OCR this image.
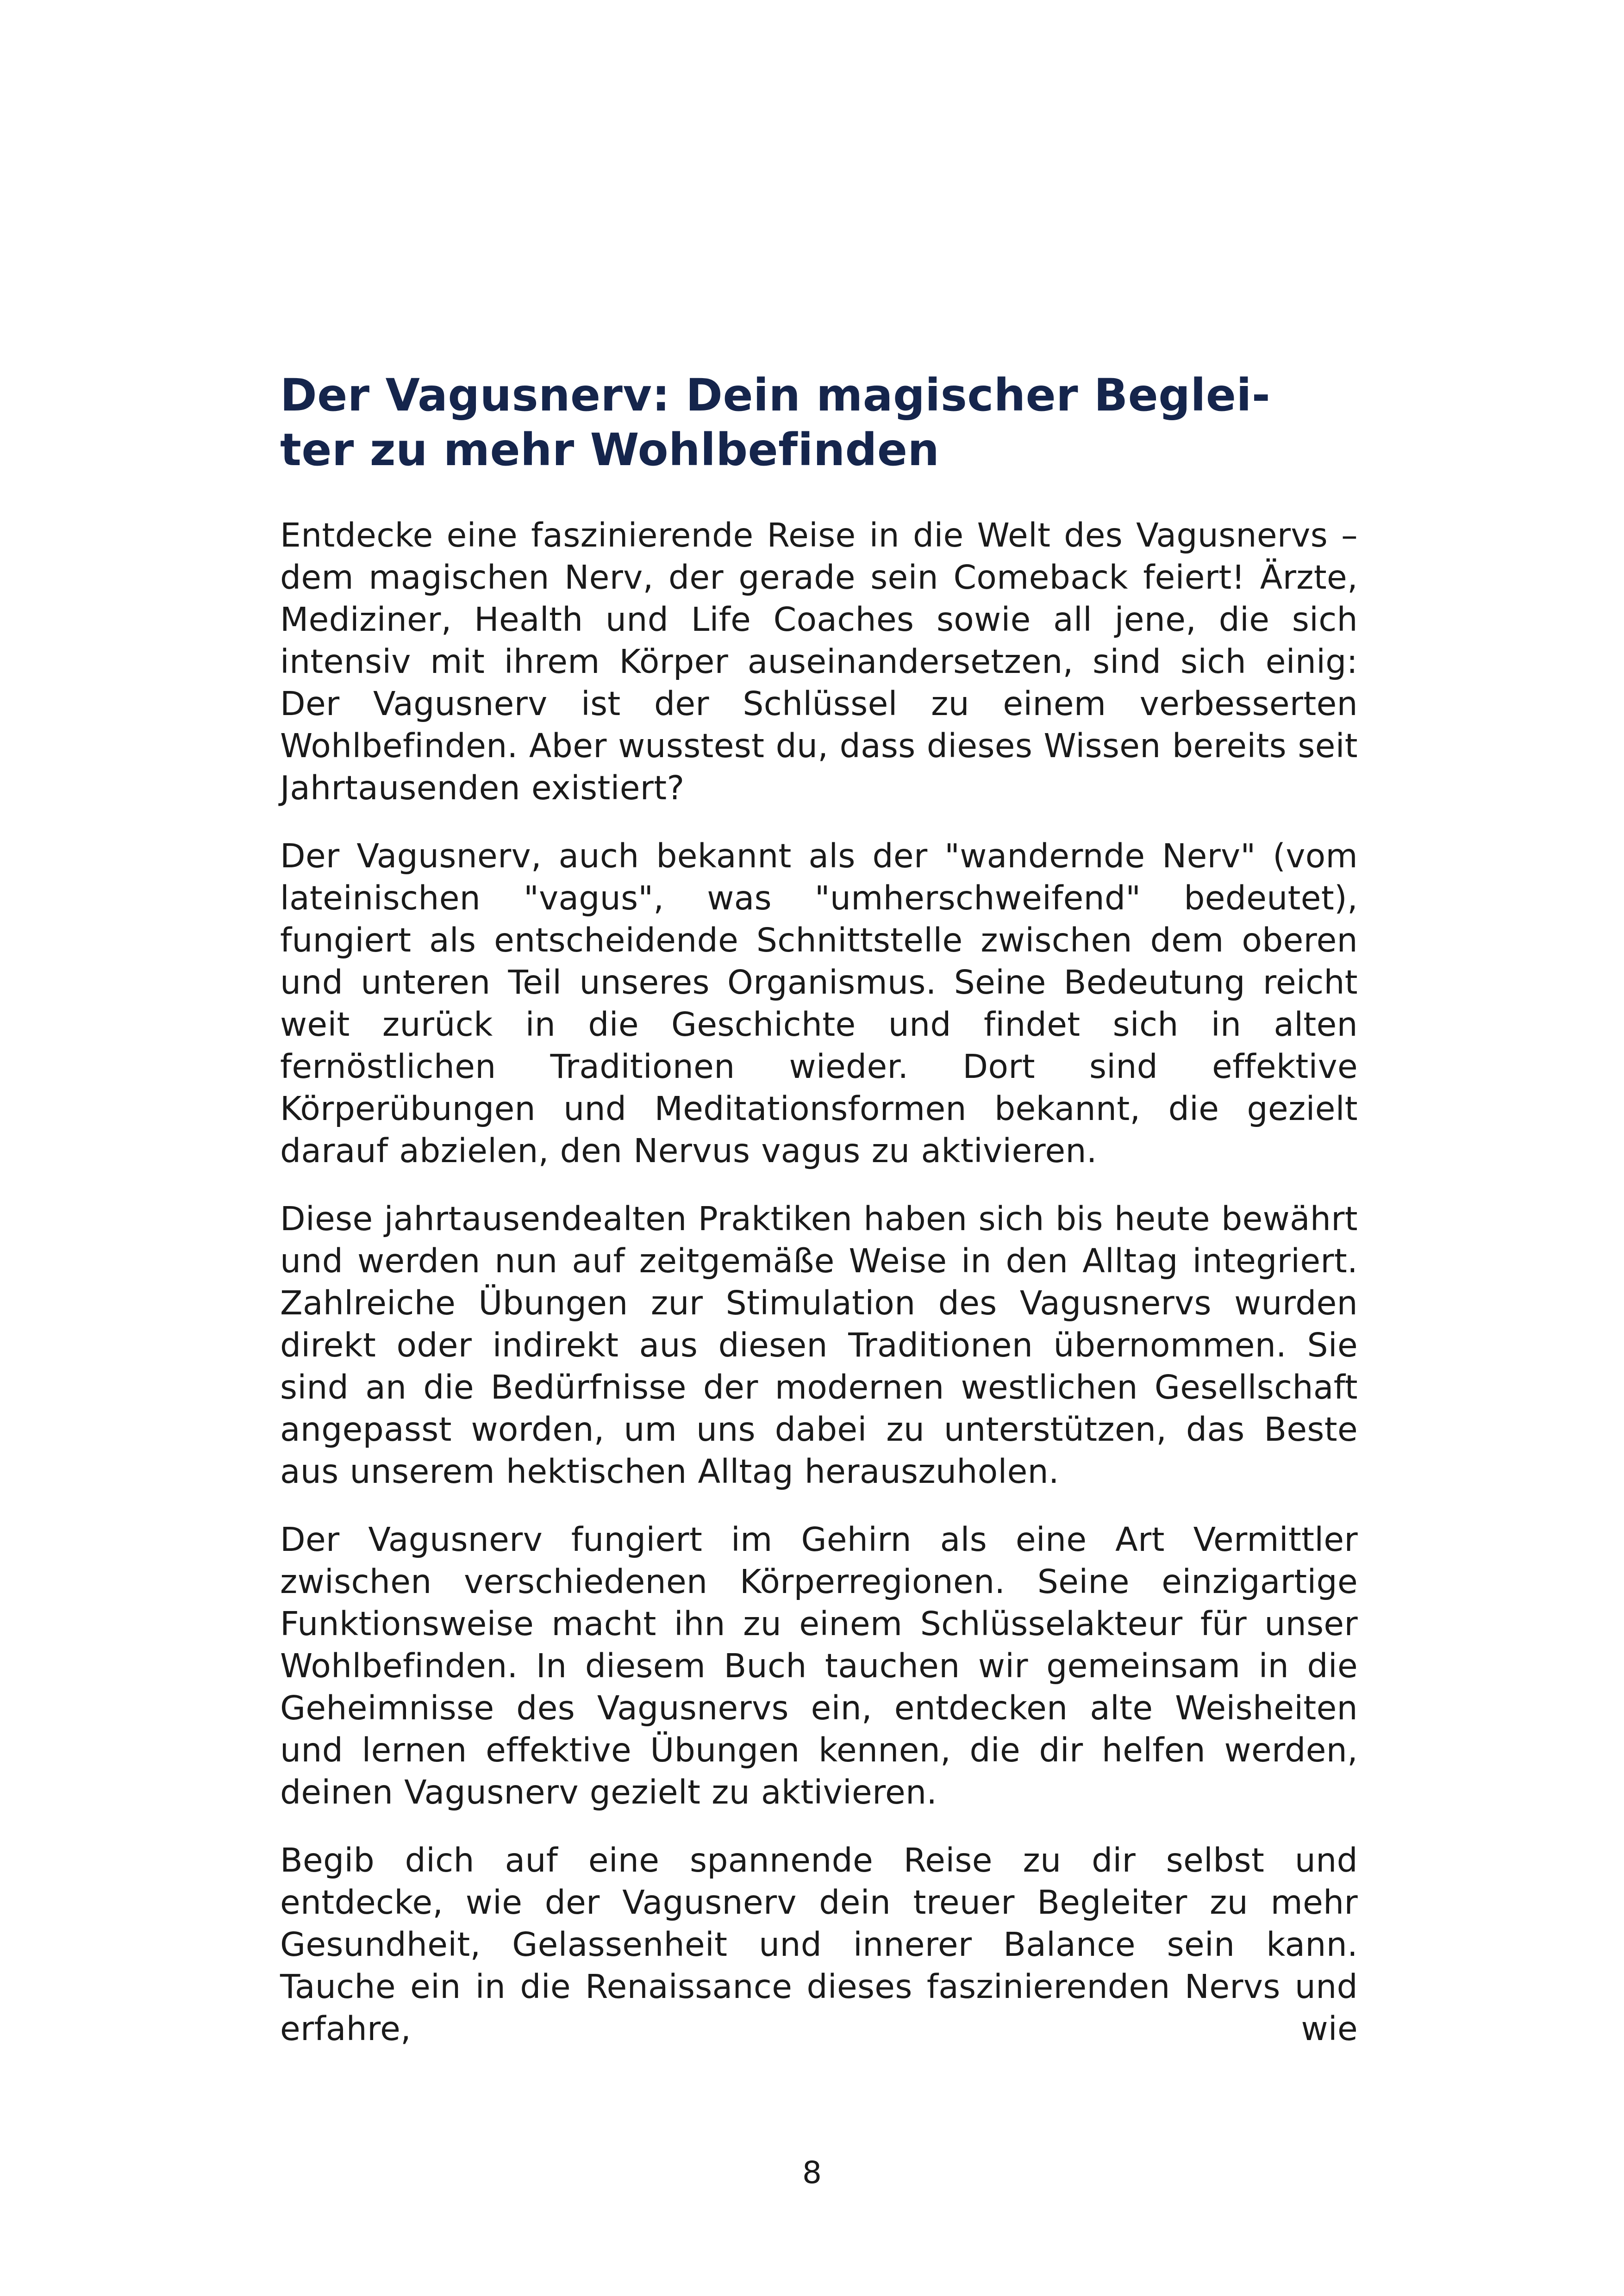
Der Vagusnerv: Dein magischer Beglei-
ter zu mehr Wohlbefinden

Entdecke eine faszinierende Reise in die Welt des Vagusnervs – dem magischen Nerv, der gerade sein Comeback feiert! Ärzte, Mediziner, Health und Life Coaches sowie all jene, die sich intensiv mit ihrem Körper auseinandersetzen, sind sich einig: Der Vagusnerv ist der Schlüssel zu einem verbesserten Wohlbefinden. Aber wusstest du, dass dieses Wissen bereits seit Jahrtausenden existiert?

Der Vagusnerv, auch bekannt als der "wandernde Nerv" (vom lateinischen "vagus", was "umherschweifend" bedeutet), fungiert als entscheidende Schnittstelle zwischen dem oberen und unteren Teil unseres Organismus. Seine Bedeutung reicht weit zurück in die Geschichte und findet sich in alten fernöstlichen Traditionen wieder. Dort sind effektive Körperübungen und Meditationsformen bekannt, die gezielt darauf abzielen, den Nervus vagus zu aktivieren.

Diese jahrtausendealten Praktiken haben sich bis heute bewährt und werden nun auf zeitgemäße Weise in den Alltag integriert. Zahlreiche Übungen zur Stimulation des Vagusnervs wurden direkt oder indirekt aus diesen Traditionen übernommen. Sie sind an die Bedürfnisse der modernen westlichen Gesellschaft angepasst worden, um uns dabei zu unterstützen, das Beste aus unserem hektischen Alltag herauszuholen.

Der Vagusnerv fungiert im Gehirn als eine Art Vermittler zwischen verschiedenen Körperregionen. Seine einzigartige Funktionsweise macht ihn zu einem Schlüsselakteur für unser Wohlbefinden. In diesem Buch tauchen wir gemeinsam in die Geheimnisse des Vagusnervs ein, entdecken alte Weisheiten und lernen effektive Übungen kennen, die dir helfen werden, deinen Vagusnerv gezielt zu aktivieren.

Begib dich auf eine spannende Reise zu dir selbst und entdecke, wie der Vagusnerv dein treuer Begleiter zu mehr Gesundheit, Gelassenheit und innerer Balance sein kann. Tauche ein in die Renaissance dieses faszinierenden Nervs und erfahre, wie

8
